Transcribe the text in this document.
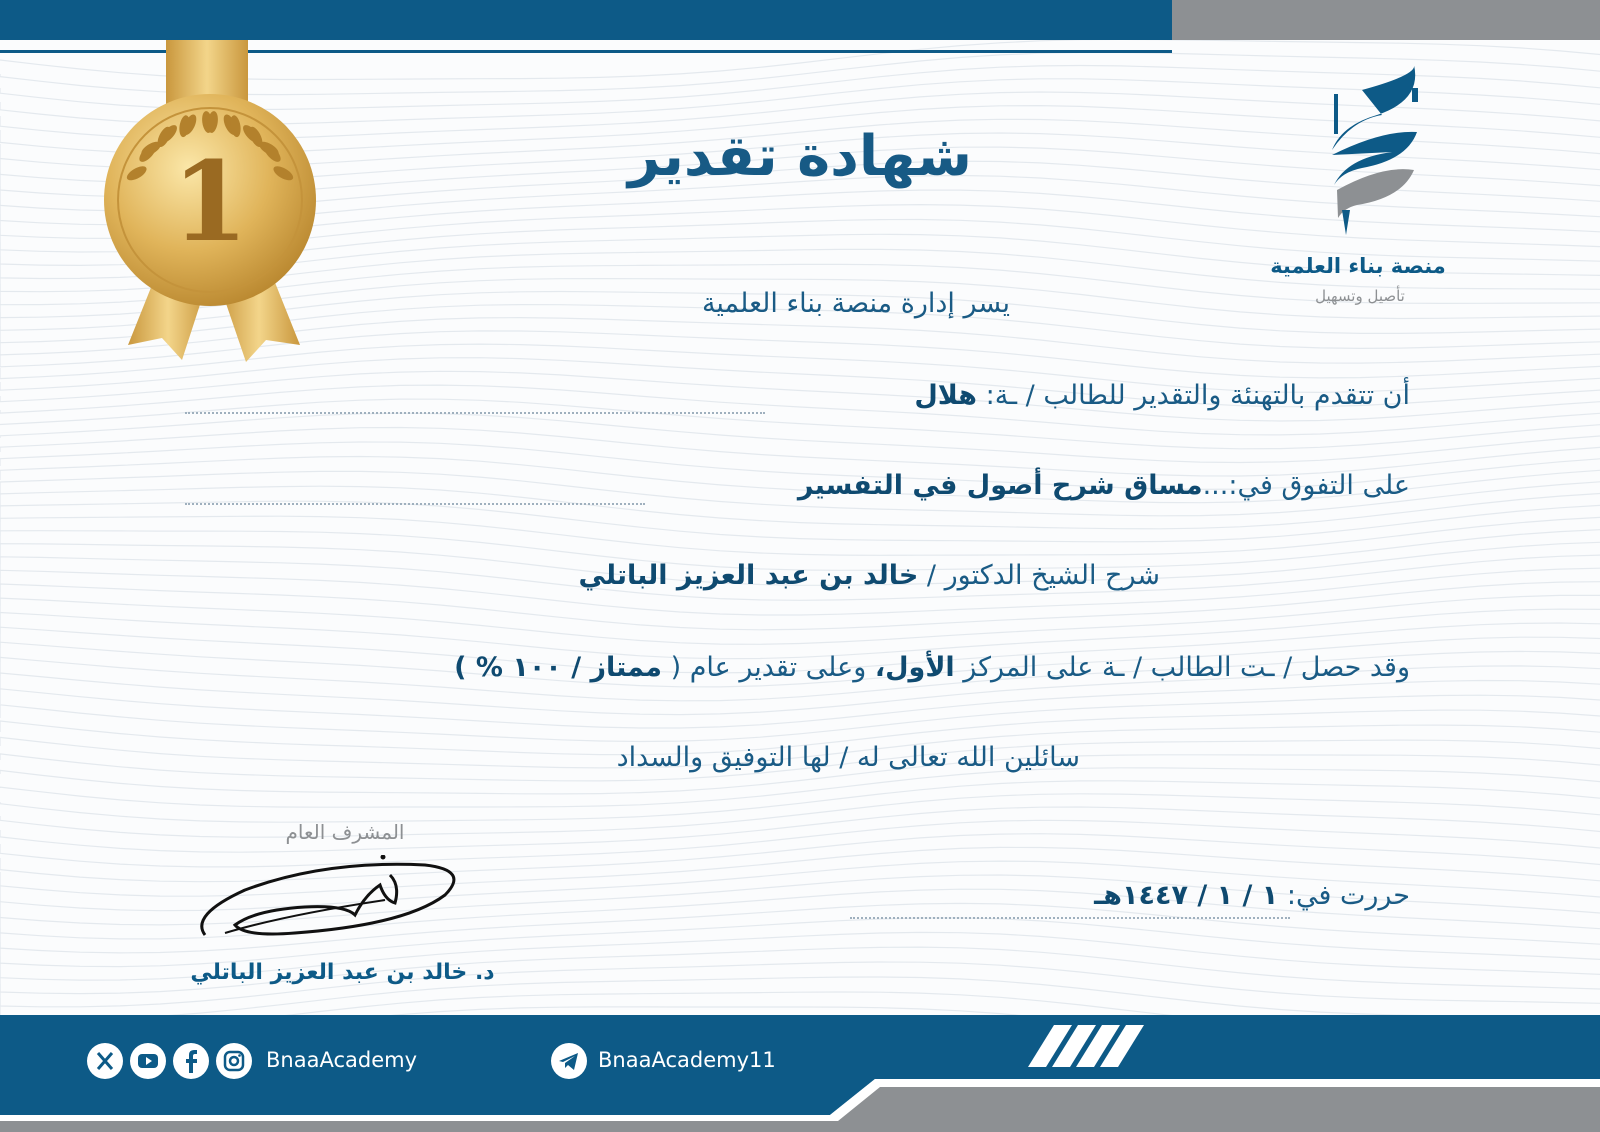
1	منصة بناء العلمية
تأصيل وتسهيل
شهادة تقدير
يسر إدارة منصة بناء العلمية
أن تتقدم بالتهنئة والتقدير للطالب / ـة: هلال
على التفوق في:...مساق شرح أصول في التفسير
شرح الشيخ الدكتور / خالد بن عبد العزيز الباتلي
وقد حصل / ـت الطالب / ـة على المركز الأول، وعلى تقدير عام ( ممتاز / ١٠٠ % )
سائلين الله تعالى له / لها التوفيق والسداد
المشرف العام
د. خالد بن عبد العزيز الباتلي
حررت في: ١ / ١ / ١٤٤٧هـ
BnaaAcademy11
BnaaAcademy
